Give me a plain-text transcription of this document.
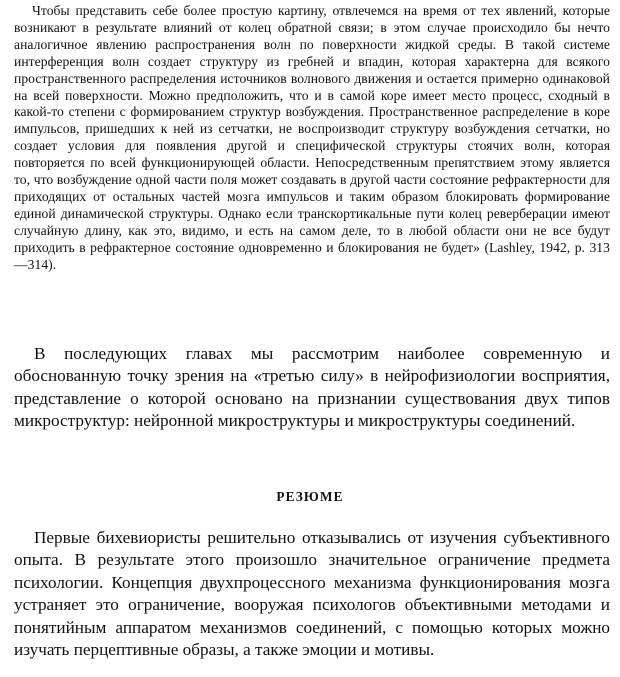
Чтобы представить себе более простую картину, отвлечемся на время от тех явлений, которые возникают в результате влияний от колец обратной связи; в этом случае происходило бы нечто аналогичное явлению распространения волн по поверхности жидкой среды. В такой системе интерференция волн создает структуру из гребней и впадин, которая характерна для всякого пространственного распределения источников волнового движения и остается примерно одинаковой на всей поверхности. Можно предположить, что и в самой коре имеет место процесс, сходный в какой-то степени с формированием структур возбуждения. Пространственное распределение в коре импульсов, пришедших к ней из сетчатки, не воспроизводит структуру возбуждения сетчатки, но создает условия для появления другой и специфической структуры стоячих волн, которая повторяется по всей функционирующей области. Непосредственным препятствием этому является то, что возбуждение одной части поля может создавать в другой части состояние рефрактерности для приходящих от остальных частей мозга импульсов и таким образом блокировать формирование единой динамической структуры. Однако если транскортикальные пути колец реверберации имеют случайную длину, как это, видимо, и есть на самом деле, то в любой области они не все будут приходить в рефрактерное состояние одновременно и блокирования не будет» (Lashley, 1942, p. 313—314).

В последующих главах мы рассмотрим наиболее современную и обоснованную точку зрения на «третью силу» в нейрофизиологии восприятия, представление о которой основано на признании существования двух типов микроструктур: нейронной микроструктуры и микроструктуры соединений.

РЕЗЮМЕ

Первые бихевиористы решительно отказывались от изучения субъективного опыта. В результате этого произошло значительное ограничение предмета психологии. Концепция двухпроцессного механизма функционирования мозга устраняет это ограничение, вооружая психологов объективными методами и понятийным аппаратом механизмов соединений, с помощью которых можно изучать перцептивные образы, а также эмоции и мотивы.
